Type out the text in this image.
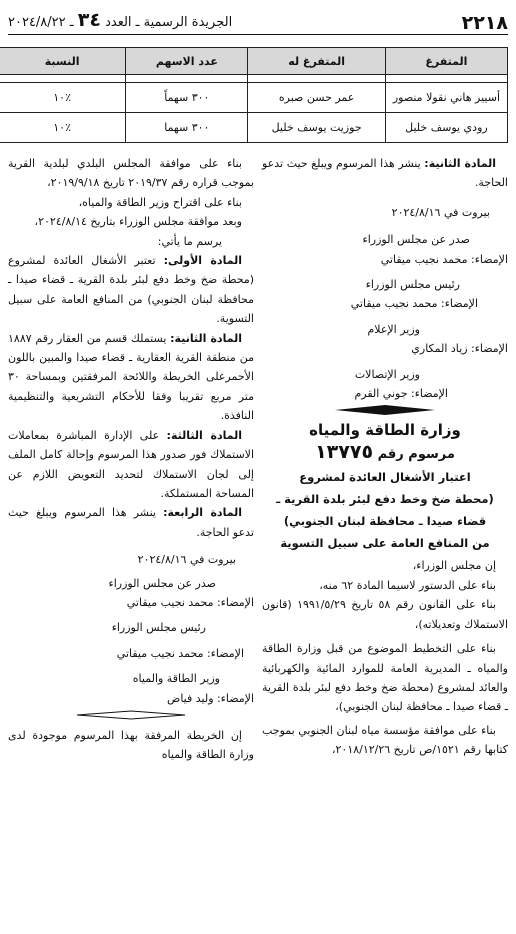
٢٢١٨
الجريدة الرسمية ـ العدد ٣٤ ـ ٢٠٢٤/٨/٢٢
المتفرغ	المتفرغ له	عدد الاسهم	النسبة

أسيير هاني نقولا منصور	عمر حسن صبره	٣٠٠ سهماً	٪١٠
رودي يوسف خليل	جوزيت يوسف خليل	٣٠٠ سهما	٪١٠

المادة الثانية: ينشر هذا المرسوم ويبلغ حيث تدعو الحاجة.

بيروت في ٢٠٢٤/٨/١٦

صدر عن مجلس الوزراء

الإمضاء: محمد نجيب ميقاتي

رئيس مجلس الوزراء

الإمضاء: محمد نجيب ميقاتي

وزير الإعلام

الإمضاء: زياد المكاري

وزير الإتصالات

الإمضاء: جوني القرم

وزارة الطاقة والمياه
مرسوم رقم ١٣٧٧٥
اعتبار الأشغال العائدة لمشروع
(محطة ضخ وخط دفع لبئر بلدة القرية ـ
قضاء صيدا ـ محافظة لبنان الجنوبي)
من المنافع العامة على سبيل التسوية

إن مجلس الوزراء،

بناء على الدستور لاسيما المادة ٦٢ منه،

بناء على القانون رقم ٥٨ تاريخ ١٩٩١/٥/٢٩ (قانون الاستملاك وتعديلاته)،

بناء على التخطيط الموضوع من قبل وزارة الطاقة والمياه ـ المديرية العامة للموارد المائية والكهربائية والعائد لمشروع (محطة ضخ وخط دفع لبئر بلدة القرية ـ قضاء صيدا ـ محافظة لبنان الجنوبي)،

بناء على موافقة مؤسسة مياه لبنان الجنوبي بموجب كتابها رقم ١٥٢١/ص تاريخ ٢٠١٨/١٢/٢٦،

بناء على موافقة المجلس البلدي لبلدية القرية بموجب قراره رقم ٢٠١٩/٣٧ تاريخ ٢٠١٩/٩/١٨،

بناء على اقتراح وزير الطاقة والمياه،

وبعد موافقة مجلس الوزراء بتاريخ ٢٠٢٤/٨/١٤،

يرسم ما يأتي:

المادة الأولى: تعتبر الأشغال العائدة لمشروع (محطة ضخ وخط دفع لبئر بلدة القرية ـ قضاء صيدا ـ محافظة لبنان الجنوبي) من المنافع العامة على سبيل التسوية.

المادة الثانية: يستملك قسم من العقار رقم ١٨٨٧ من منطقة القرية العقارية ـ قضاء صيدا والمبين باللون الأحمرعلى الخريطة واللائحة المرفقتين وبمساحة ٣٠ متر مربع تقريبا وفقا للأحكام التشريعية والتنظيمية النافذة.

المادة الثالثة: على الإدارة المباشرة بمعاملات الاستملاك فور صدور هذا المرسوم وإحالة كامل الملف إلى لجان الاستملاك لتحديد التعويض اللازم عن المساحة المستملكة.

المادة الرابعة: ينشر هذا المرسوم ويبلغ حيث تدعو الحاجة.

بيروت في ٢٠٢٤/٨/١٦

صدر عن مجلس الوزراء

الإمضاء: محمد نجيب ميقاتي

رئيس مجلس الوزراء

الإمضاء: محمد نجيب ميقاتي

وزير الطاقة والمياه

الإمضاء: وليد فياض

إن الخريطة المرفقة بهذا المرسوم موجودة لدى وزارة الطاقة والمياه
